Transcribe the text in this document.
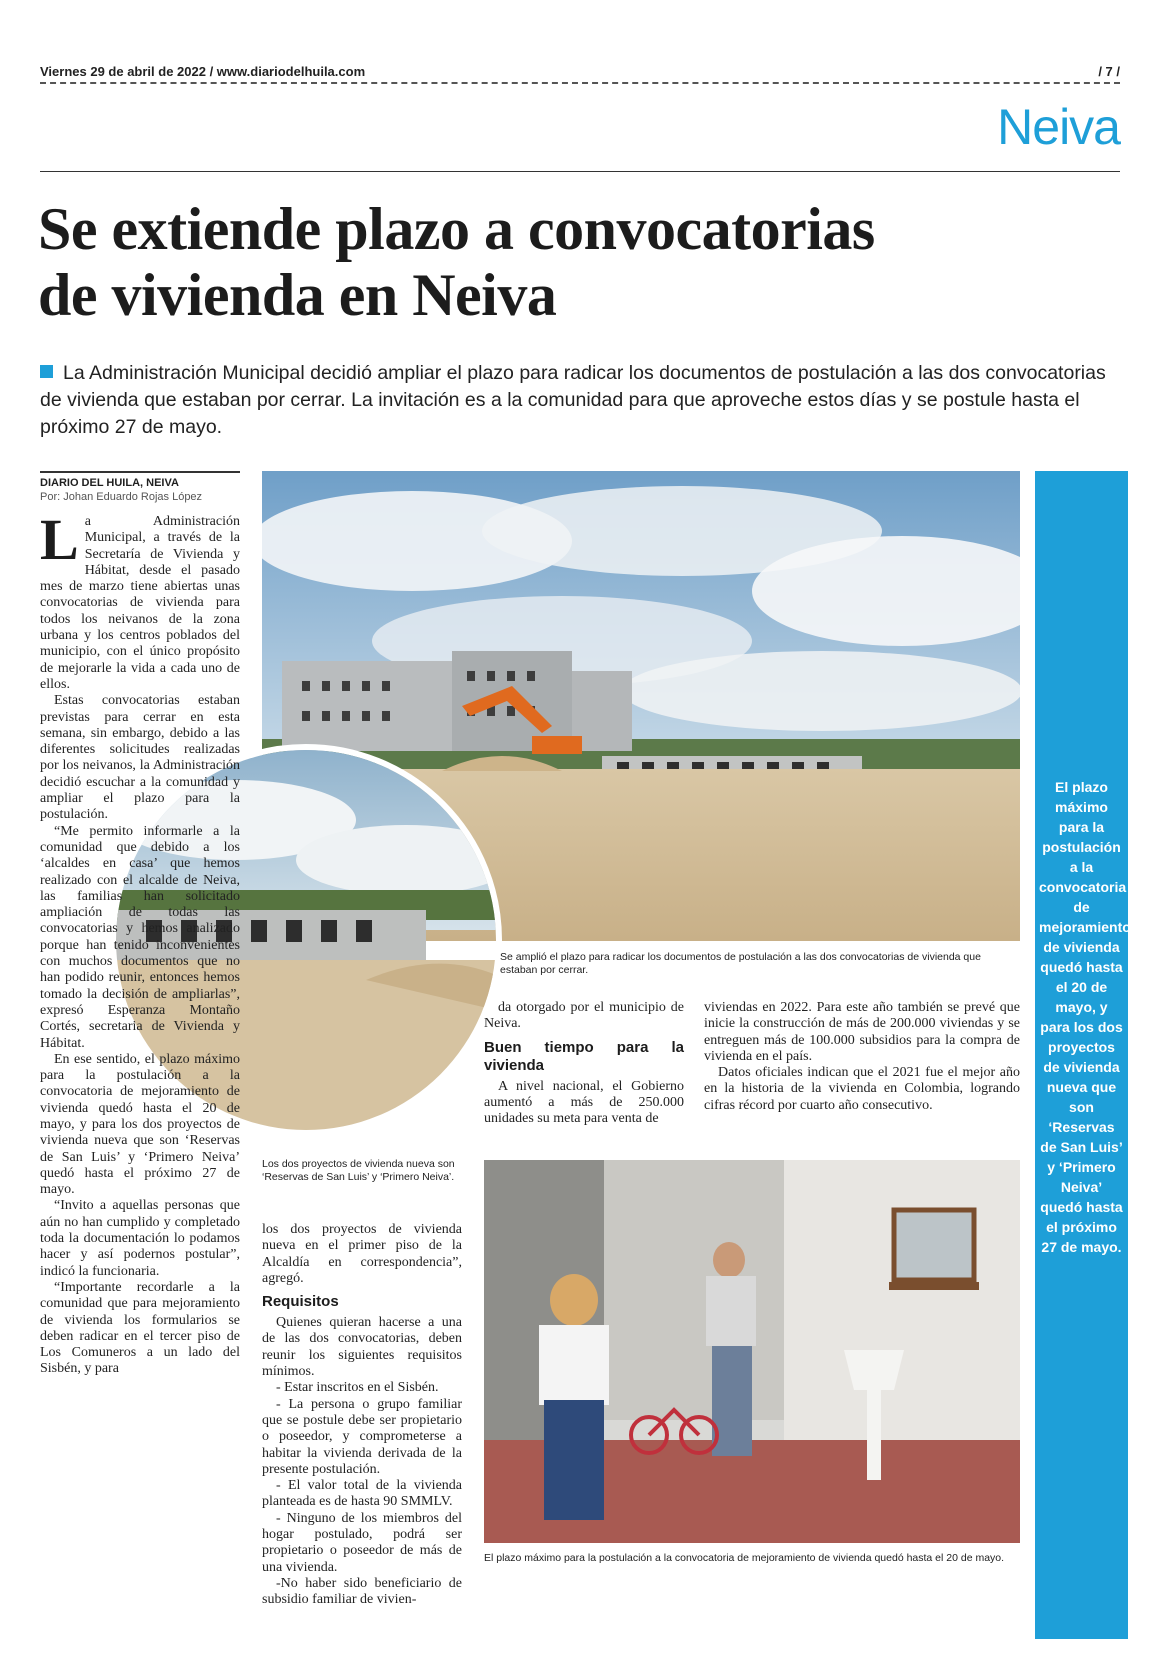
Viernes 29 de abril de 2022 / www.diariodelhuila.com	/ 7 /
Neiva
Se extiende plazo a convocatorias
de vivienda en Neiva
La Administración Municipal decidió ampliar el plazo para radicar los documentos de postulación a las dos convocatorias de vivienda que estaban por cerrar. La invitación es a la comunidad para que aproveche estos días y se postule hasta el próximo 27 de mayo.
DIARIO DEL HUILA, NEIVA
Por: Johan Eduardo Rojas López
Se amplió el plazo para radicar los documentos de postulación a las dos convocatorias de vivienda que estaban por cerrar.
Los dos proyectos de vivienda nueva son ‘Reservas de San Luis’ y ‘Primero Neiva’.
El plazo máximo para la postulación a la convocatoria de mejoramiento de vivienda quedó hasta el 20 de mayo.

La Administración Municipal, a través de la Secretaría de Vivienda y Hábitat, desde el pasado mes de marzo tiene abiertas unas convocatorias de vivienda para todos los neivanos de la zona urbana y los centros poblados del municipio, con el único propósito de mejorarle la vida a cada uno de ellos.

Estas convocatorias estaban previstas para cerrar en esta semana, sin embargo, debido a las diferentes solicitudes realizadas por los neivanos, la Administración decidió escuchar a la comunidad y ampliar el plazo para la postulación.

“Me permito informarle a la comunidad que debido a los ‘alcaldes en casa’ que hemos realizado con el alcalde de Neiva, las familias han solicitado ampliación de todas las convocatorias y hemos analizado porque han tenido inconvenientes con muchos documentos que no han podido reunir, entonces hemos tomado la decisión de ampliarlas”, expresó Esperanza Montaño Cortés, secretaria de Vivienda y Hábitat.

En ese sentido, el plazo máximo para la postulación a la convocatoria de mejoramiento de vivienda quedó hasta el 20 de mayo, y para los dos proyectos de vivienda nueva que son ‘Reservas de San Luis’ y ‘Primero Neiva’ quedó hasta el próximo 27 de mayo.

“Invito a aquellas personas que aún no han cumplido y completado toda la documentación lo podamos hacer y así podernos postular”, indicó la funcionaria.

“Importante recordarle a la comunidad que para mejoramiento de vivienda los formularios se deben radicar en el tercer piso de Los Comuneros a un lado del Sisbén, y para

los dos proyectos de vivienda nueva en el primer piso de la Alcaldía en correspondencia”, agregó.

Requisitos

Quienes quieran hacerse a una de las dos convocatorias, deben reunir los siguientes requisitos mínimos.

- Estar inscritos en el Sisbén.

- La persona o grupo familiar que se postule debe ser propietario o poseedor, y comprometerse a habitar la vivienda derivada de la presente postulación.

- El valor total de la vivienda planteada es de hasta 90 SMMLV.

- Ninguno de los miembros del hogar postulado, podrá ser propietario o poseedor de más de una vivienda.

-No haber sido beneficiario de subsidio familiar de vivien-

da otorgado por el municipio de Neiva.

Buen tiempo para la vivienda

A nivel nacional, el Gobierno aumentó a más de 250.000 unidades su meta para venta de

viviendas en 2022. Para este año también se prevé que inicie la construcción de más de 200.000 viviendas y se entreguen más de 100.000 subsidios para la compra de vivienda en el país.

Datos oficiales indican que el 2021 fue el mejor año en la historia de la vivienda en Colombia, logrando cifras récord por cuarto año consecutivo.

El plazo máximo para la postulación a la convocatoria de mejoramiento de vivienda quedó hasta el 20 de mayo, y para los dos proyectos de vivienda nueva que son ‘Reservas de San Luis’ y ‘Primero Neiva’ quedó hasta el próximo 27 de mayo.
